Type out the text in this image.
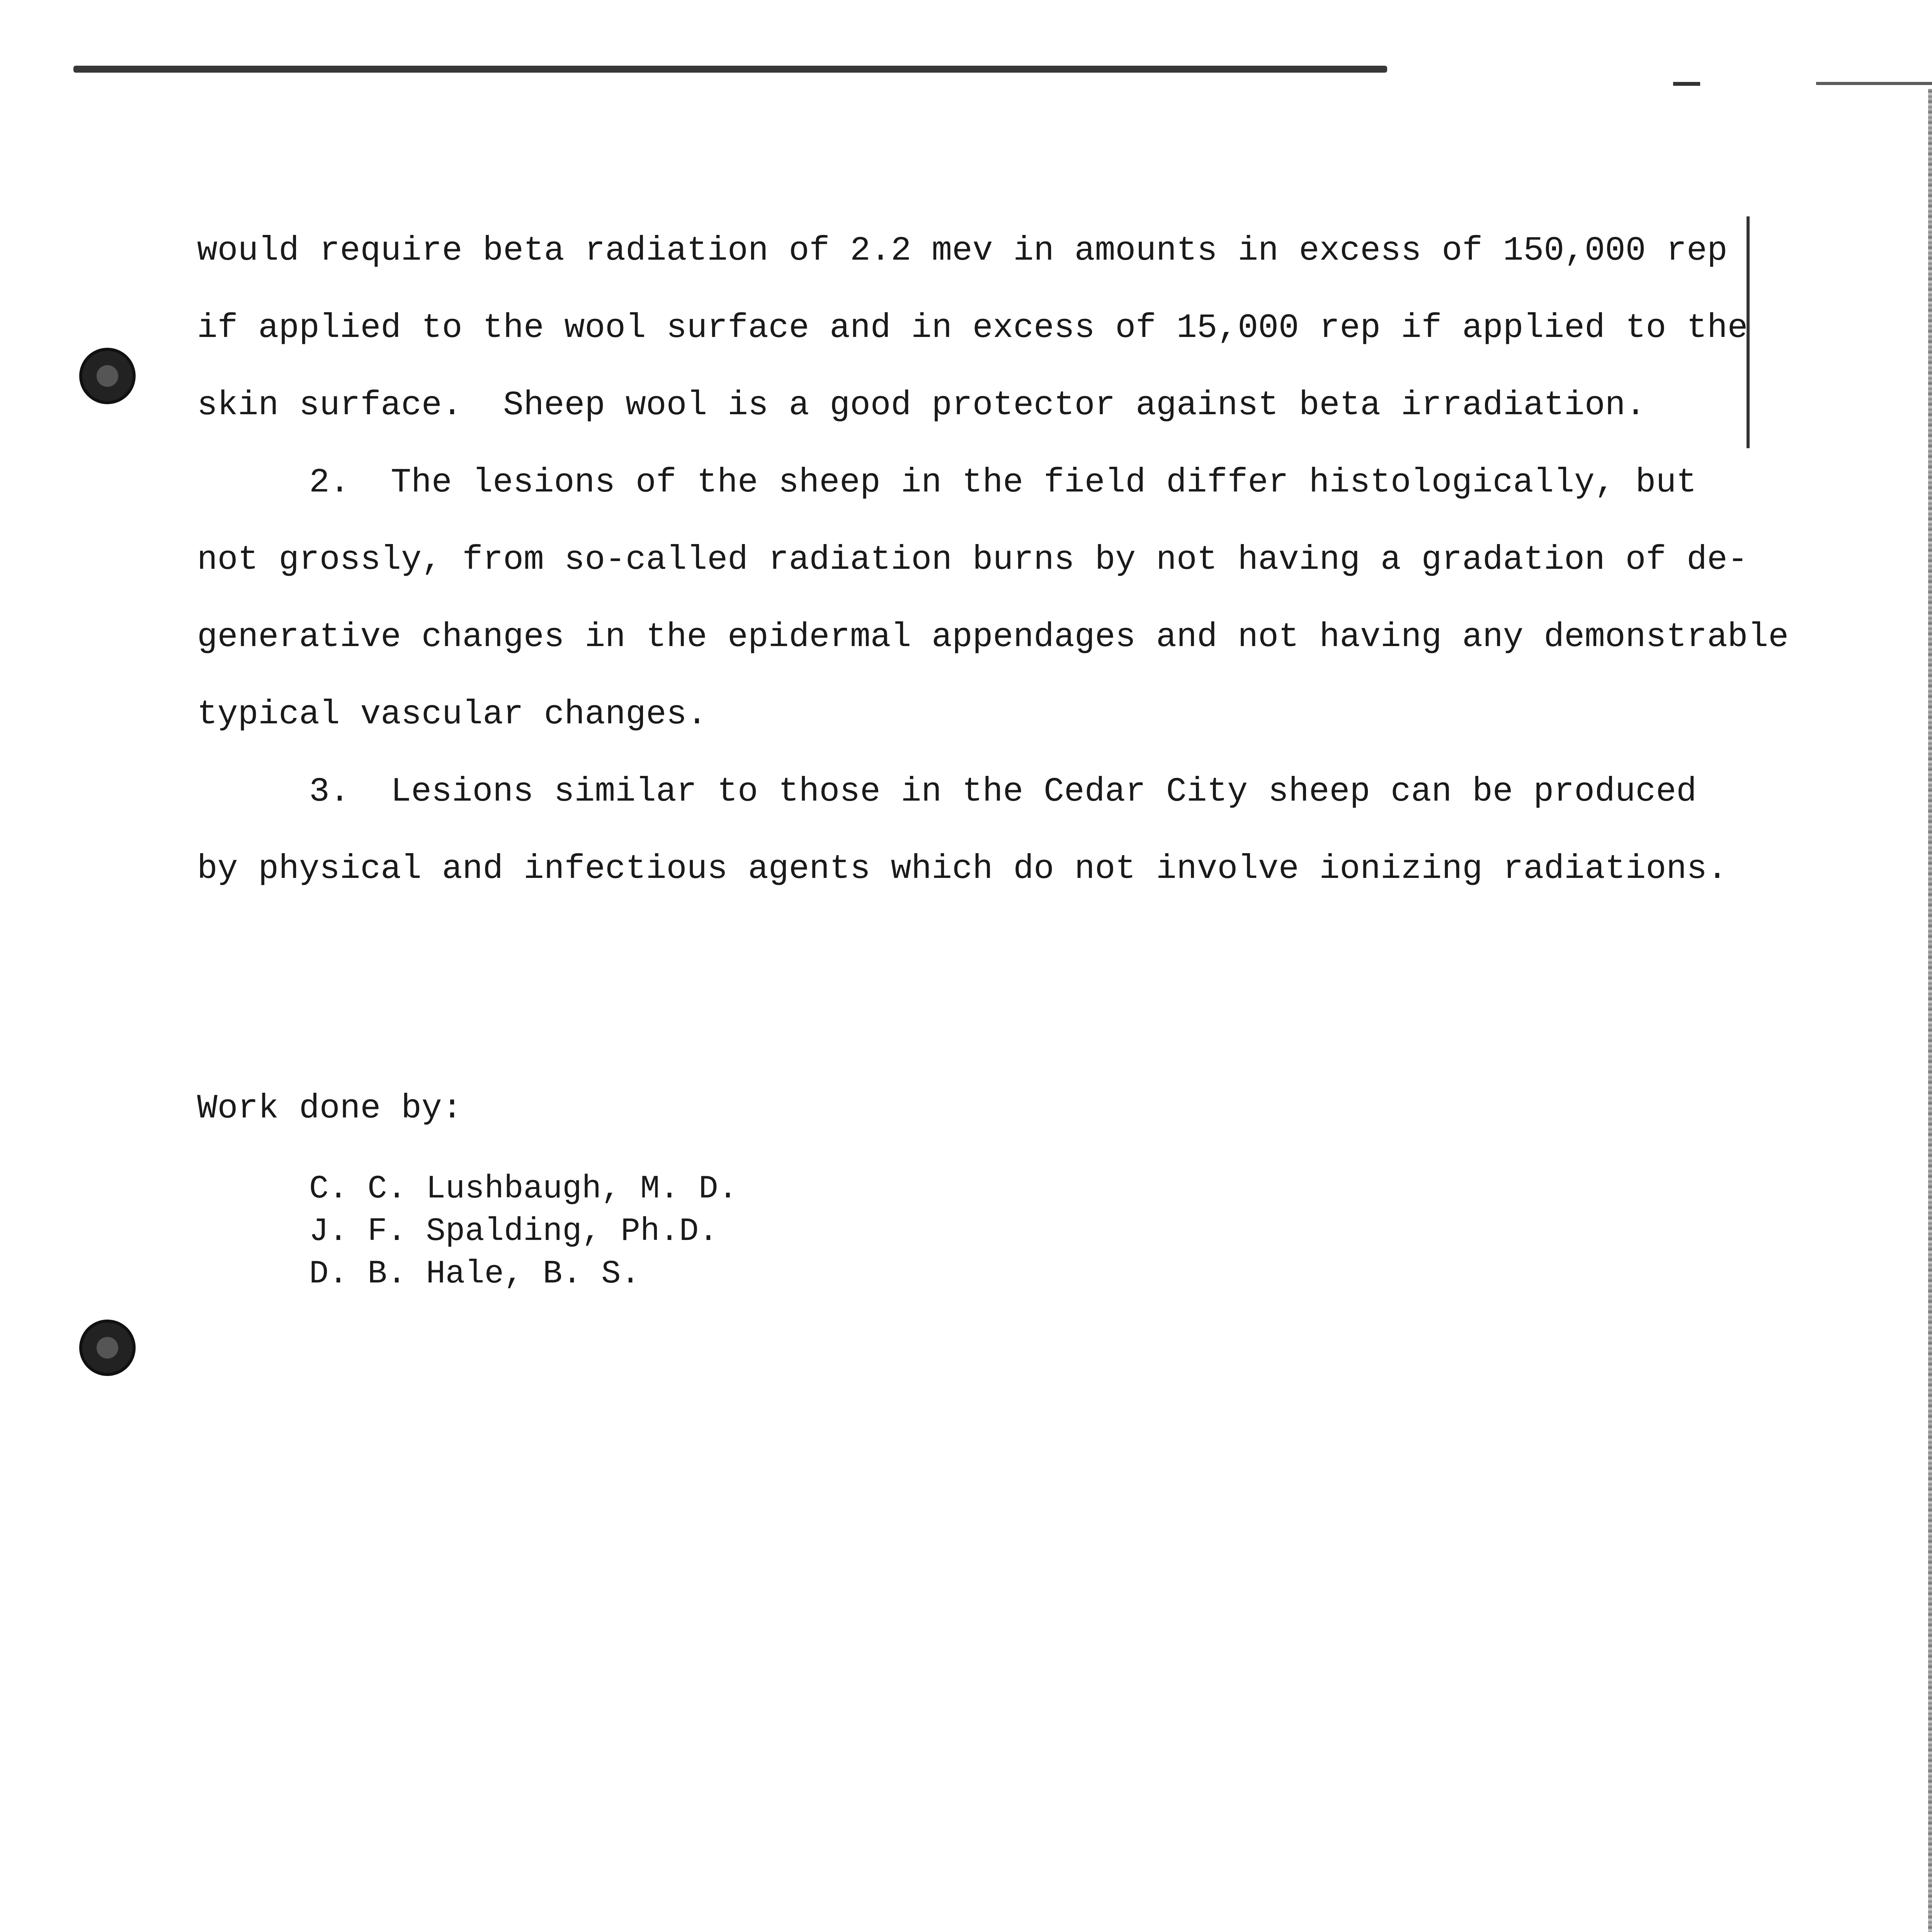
would require beta radiation of 2.2 mev in amounts in excess of 150,000 rep
if applied to the wool surface and in excess of 15,000 rep if applied to the
skin surface.  Sheep wool is a good protector against beta irradiation.
2.  The lesions of the sheep in the field differ histologically, but
not grossly, from so-called radiation burns by not having a gradation of de-
generative changes in the epidermal appendages and not having any demonstrable
typical vascular changes.
3.  Lesions similar to those in the Cedar City sheep can be produced
by physical and infectious agents which do not involve ionizing radiations.
Work done by:
C. C. Lushbaugh, M. D.
J. F. Spalding, Ph.D.
D. B. Hale, B. S.
